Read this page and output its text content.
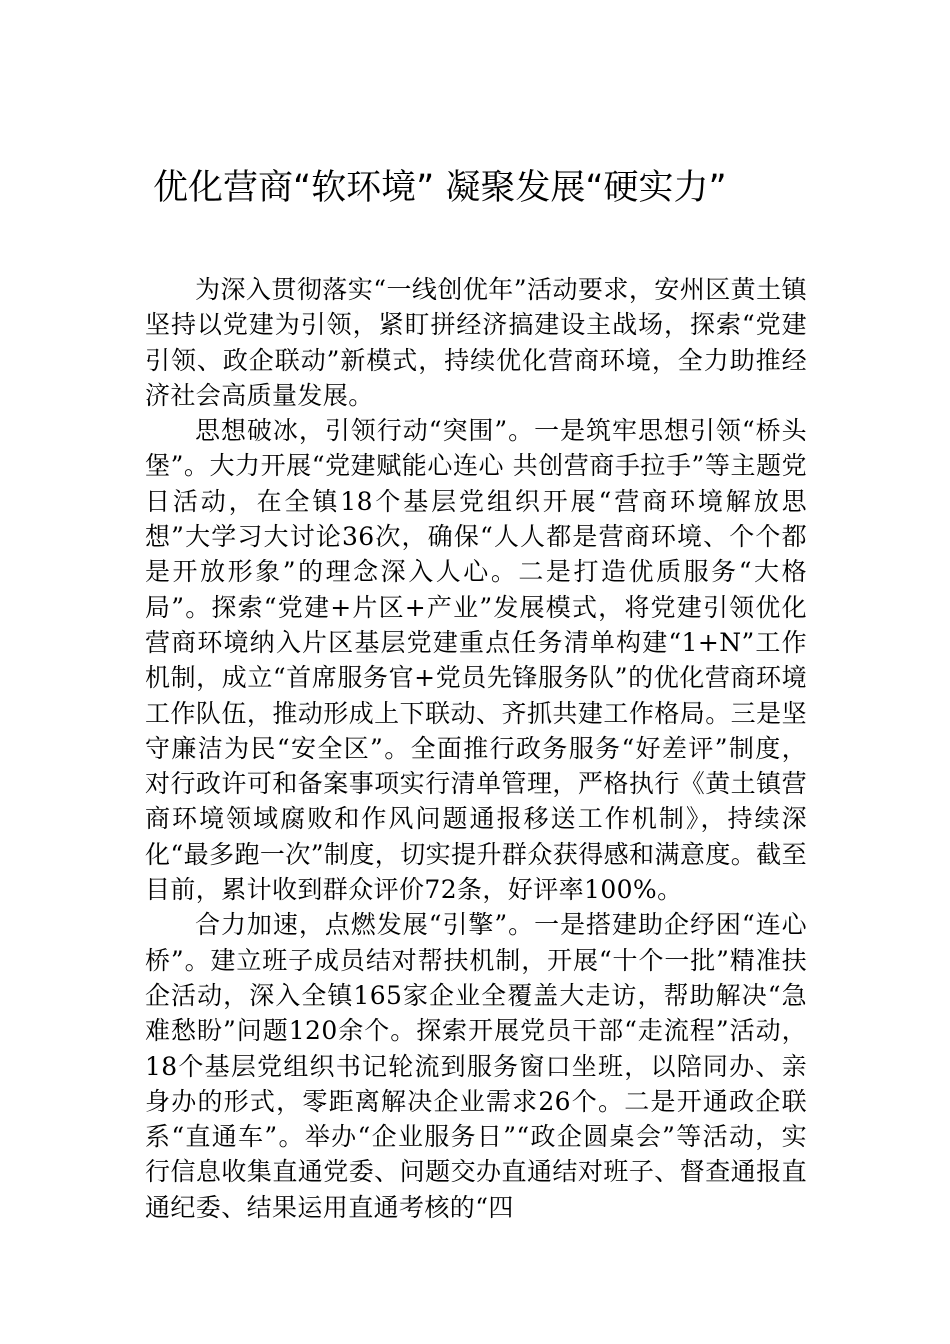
优化营商“软环境” 凝聚发展“硬实力”

为深入贯彻落实“一线创优年”活动要求，安州区黄土镇坚持以党建为引领，紧盯拼经济搞建设主战场，探索“党建引领、政企联动”新模式，持续优化营商环境，全力助推经济社会高质量发展。

思想破冰，引领行动“突围”。一是筑牢思想引领“桥头堡”。大力开展“党建赋能心连心 共创营商手拉手”等主题党日活动，在全镇18个基层党组织开展“营商环境解放思想”大学习大讨论36次，确保“人人都是营商环境、个个都是开放形象”的理念深入人心。二是打造优质服务“大格局”。探索“党建+片区+产业”发展模式，将党建引领优化营商环境纳入片区基层党建重点任务清单构建“1+N”工作机制，成立“首席服务官+党员先锋服务队”的优化营商环境工作队伍，推动形成上下联动、齐抓共建工作格局。三是坚守廉洁为民“安全区”。全面推行政务服务“好差评”制度，对行政许可和备案事项实行清单管理，严格执行《黄土镇营商环境领域腐败和作风问题通报移送工作机制》，持续深化“最多跑一次”制度，切实提升群众获得感和满意度。截至目前，累计收到群众评价72条，好评率100%。

合力加速，点燃发展“引擎”。一是搭建助企纾困“连心桥”。建立班子成员结对帮扶机制，开展“十个一批”精准扶企活动，深入全镇165家企业全覆盖大走访，帮助解决“急难愁盼”问题120余个。探索开展党员干部“走流程”活动，18个基层党组织书记轮流到服务窗口坐班，以陪同办、亲身办的形式，零距离解决企业需求26个。二是开通政企联系“直通车”。举办“企业服务日”“政企圆桌会”等活动，实行信息收集直通党委、问题交办直通结对班子、督查通报直通纪委、结果运用直通考核的“四
